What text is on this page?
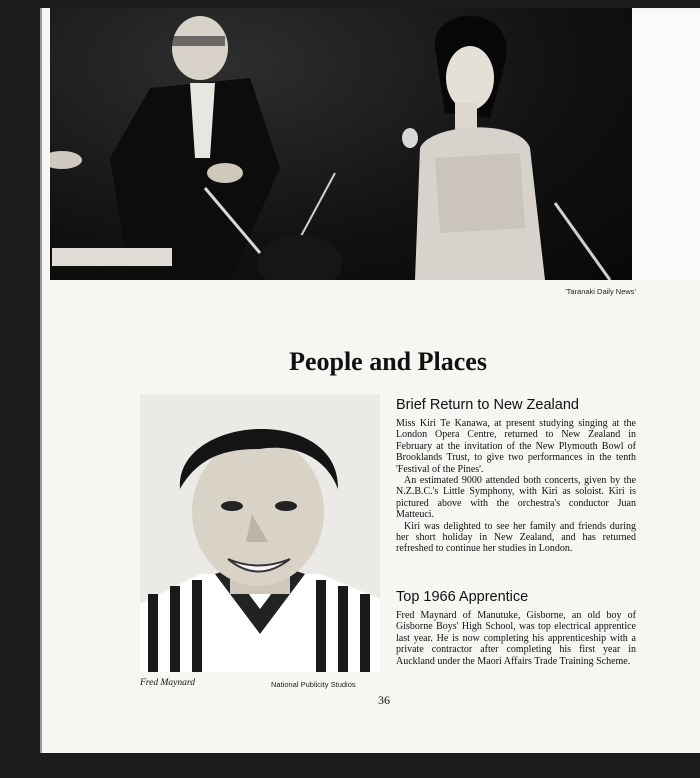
'Taranaki Daily News'
People and Places
Fred Maynard	National Publicity Studios
Brief Return to New Zealand

Miss Kiri Te Kanawa, at present studying singing at the London Opera Centre, returned to New Zealand in February at the invitation of the New Plymouth Bowl of Brooklands Trust, to give two performances in the tenth 'Festival of the Pines'.

An estimated 9000 attended both concerts, given by the N.Z.B.C.'s Little Symphony, with Kiri as soloist. Kiri is pictured above with the orchestra's conductor Juan Matteuci.

Kiri was delighted to see her family and friends during her short holiday in New Zealand, and has returned refreshed to continue her studies in London.

Top 1966 Apprentice

Fred Maynard of Manutuke, Gisborne, an old boy of Gisborne Boys' High School, was top electrical apprentice last year. He is now completing his apprenticeship with a private contractor after completing his first year in Auckland under the Maori Affairs Trade Training Scheme.

36
